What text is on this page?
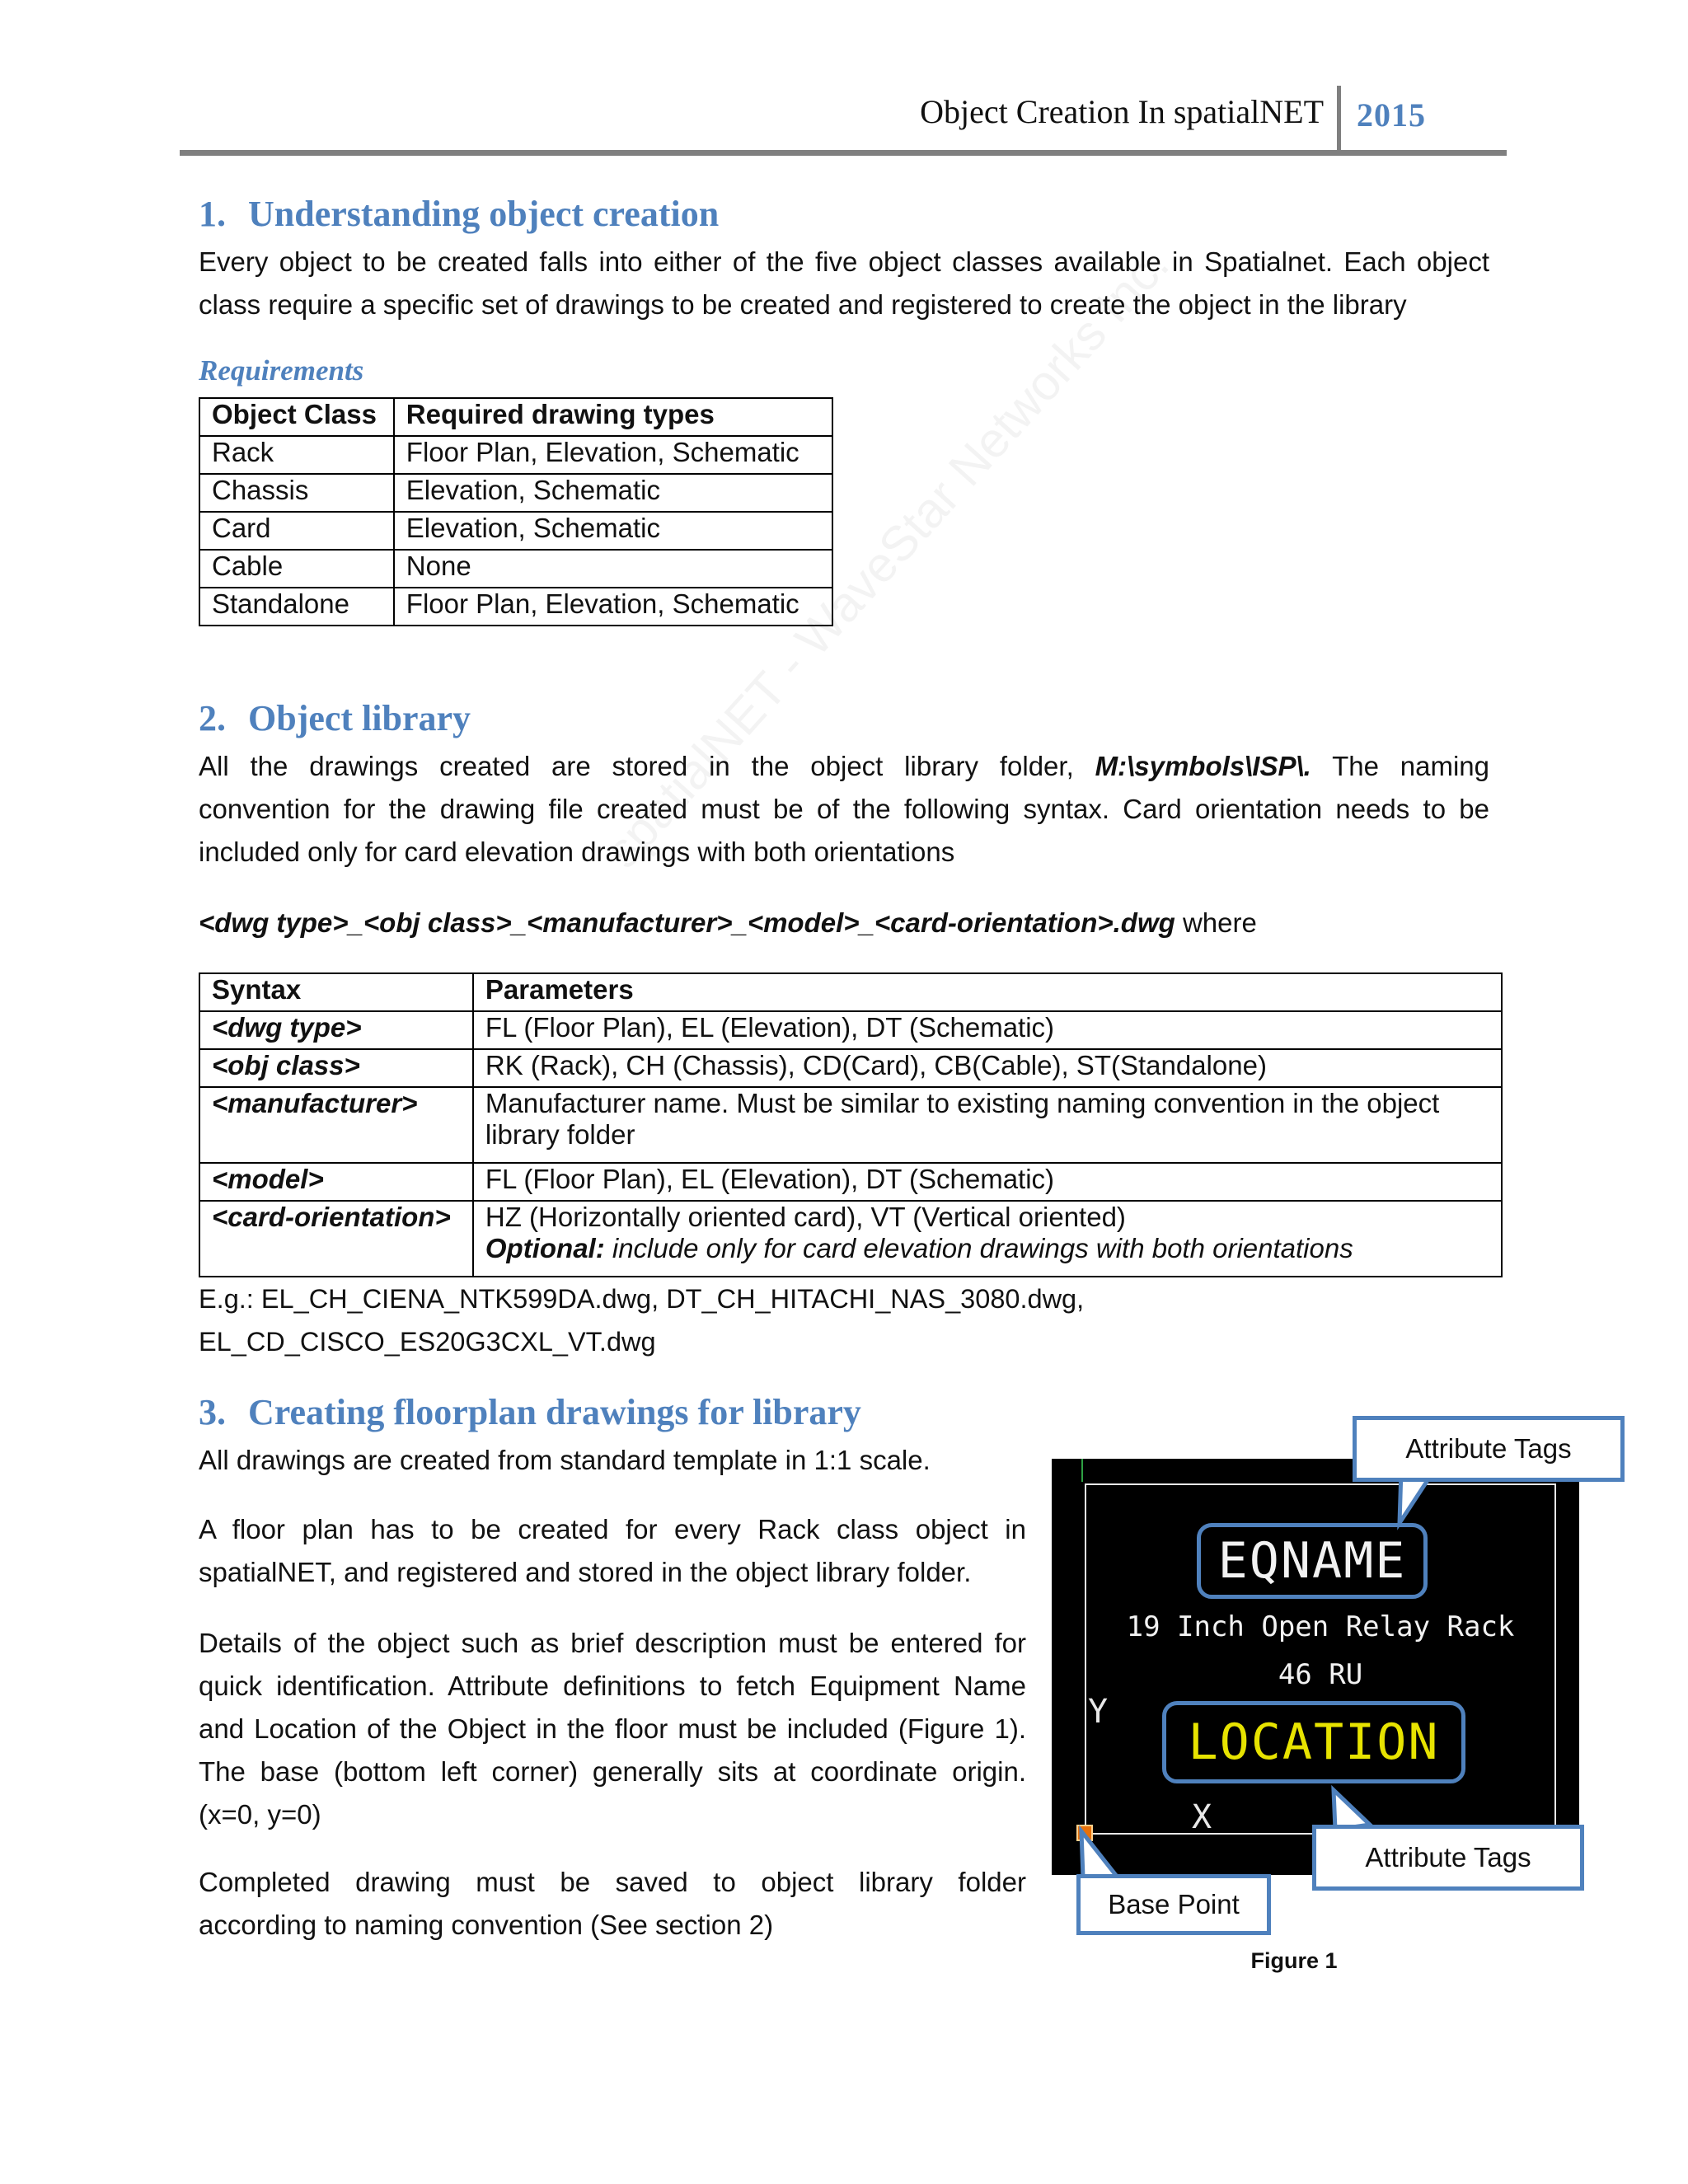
Object Creation In spatialNET 2015
1. Understanding object creation
Every object to be created falls into either of the five object classes available in Spatialnet. Each object
class require a specific set of drawings to be created and registered to create the object in the library
Requirements
Object Class	Required drawing types
Rack	Floor Plan, Elevation, Schematic
Chassis	Elevation, Schematic
Card	Elevation, Schematic
Cable	None
Standalone	Floor Plan, Elevation, Schematic
2. Object library
All the drawings created are stored in the object library folder, M:\symbols\ISP\. The naming
convention for the drawing file created must be of the following syntax. Card orientation needs to be
included only for card elevation drawings with both orientations
<dwg type>_<obj class>_<manufacturer>_<model>_<card-orientation>.dwg where
Syntax	Parameters
<dwg type>	FL (Floor Plan), EL (Elevation), DT (Schematic)
<obj class>	RK (Rack), CH (Chassis), CD(Card), CB(Cable), ST(Standalone)
<manufacturer>	Manufacturer name. Must be similar to existing naming convention in the object
library folder

<model>	FL (Floor Plan), EL (Elevation), DT (Schematic)
<card-orientation>	HZ (Horizontally oriented card), VT (Vertical oriented)
Optional: include only for card elevation drawings with both orientations
E.g.: EL_CH_CIENA_NTK599DA.dwg, DT_CH_HITACHI_NAS_3080.dwg, EL_CD_CISCO_ES20G3CXL_VT.dwg
3. Creating floorplan drawings for library
All drawings are created from standard template in 1:1 scale.
A floor plan has to be created for every Rack class object in
spatialNET, and registered and stored in the object library folder.
Details of the object such as brief description must be entered for
quick identification. Attribute definitions to fetch Equipment Name
and Location of the Object in the floor must be included (Figure 1).
The base (bottom left corner) generally sits at coordinate origin.
(x=0, y=0)
Completed drawing must be saved to object library folder
according to naming convention (See section 2)
EQNAME
19 Inch Open Relay Rack
46 RU
LOCATION
Y
X
Attribute Tags
Attribute Tags
Base Point
Figure 1
